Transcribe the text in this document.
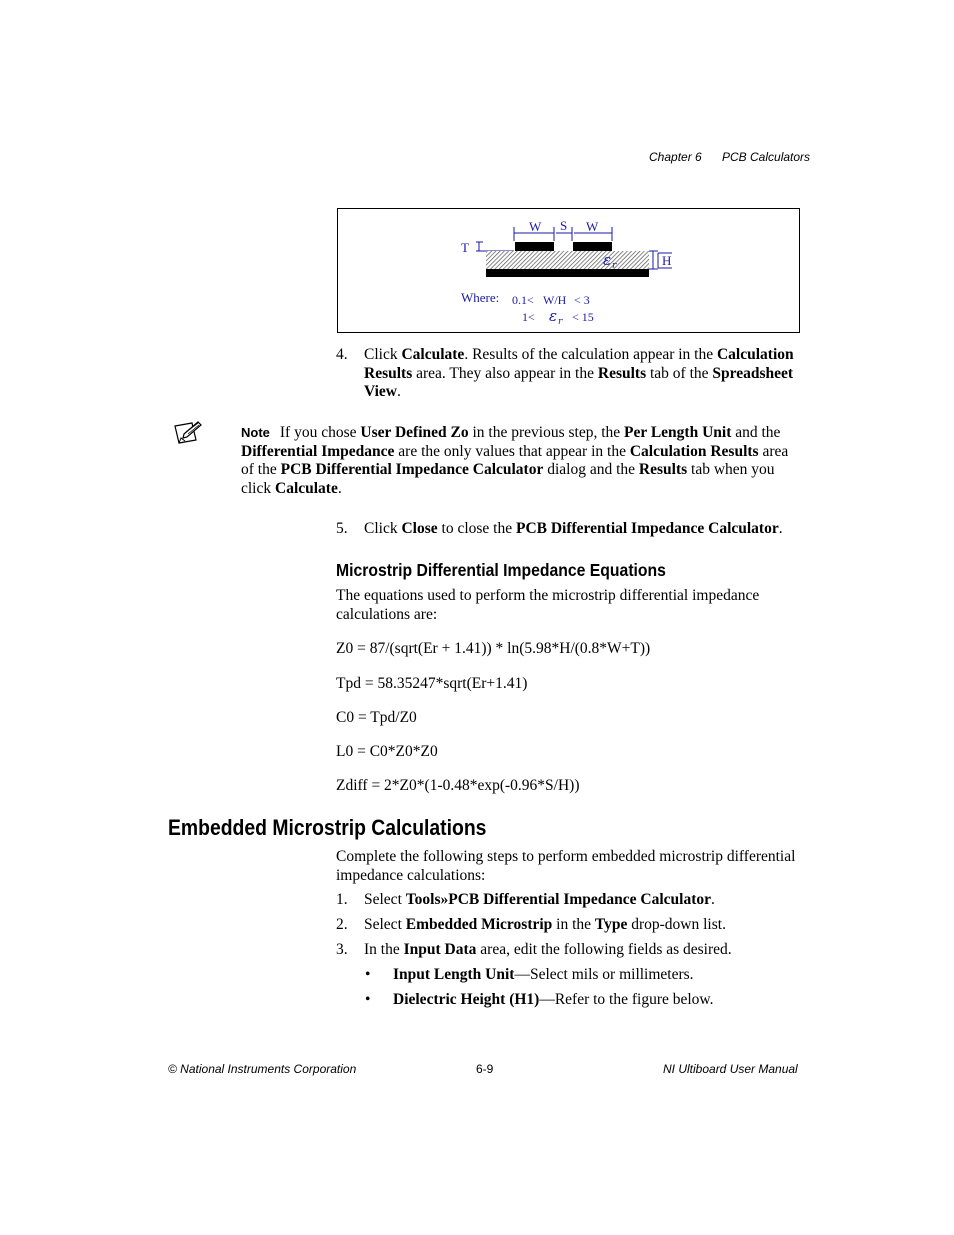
Chapter 6 PCB Calculators
W S W
T
ε r	H
Where: 0.1< W/H < 3
1< ε r < 15
4. Click Calculate. Results of the calculation appear in the Calculation Results area. They also appear in the Results tab of the Spreadsheet View.
Note If you chose User Defined Zo in the previous step, the Per Length Unit and the Differential Impedance are the only values that appear in the Calculation Results area of the PCB Differential Impedance Calculator dialog and the Results tab when you click Calculate.
5. Click Close to close the PCB Differential Impedance Calculator.
Microstrip Differential Impedance Equations
The equations used to perform the microstrip differential impedance calculations are:
Z0 = 87/(sqrt(Er + 1.41)) * ln(5.98*H/(0.8*W+T))
Tpd = 58.35247*sqrt(Er+1.41)
C0 = Tpd/Z0
L0 = C0*Z0*Z0
Zdiff = 2*Z0*(1-0.48*exp(-0.96*S/H))
Embedded Microstrip Calculations
Complete the following steps to perform embedded microstrip differential impedance calculations:
1. Select Tools»PCB Differential Impedance Calculator.
2. Select Embedded Microstrip in the Type drop-down list.
3. In the Input Data area, edit the following fields as desired.
• Input Length Unit—Select mils or millimeters.
• Dielectric Height (H1)—Refer to the figure below.
© National Instruments Corporation	6-9	NI Ultiboard User Manual
